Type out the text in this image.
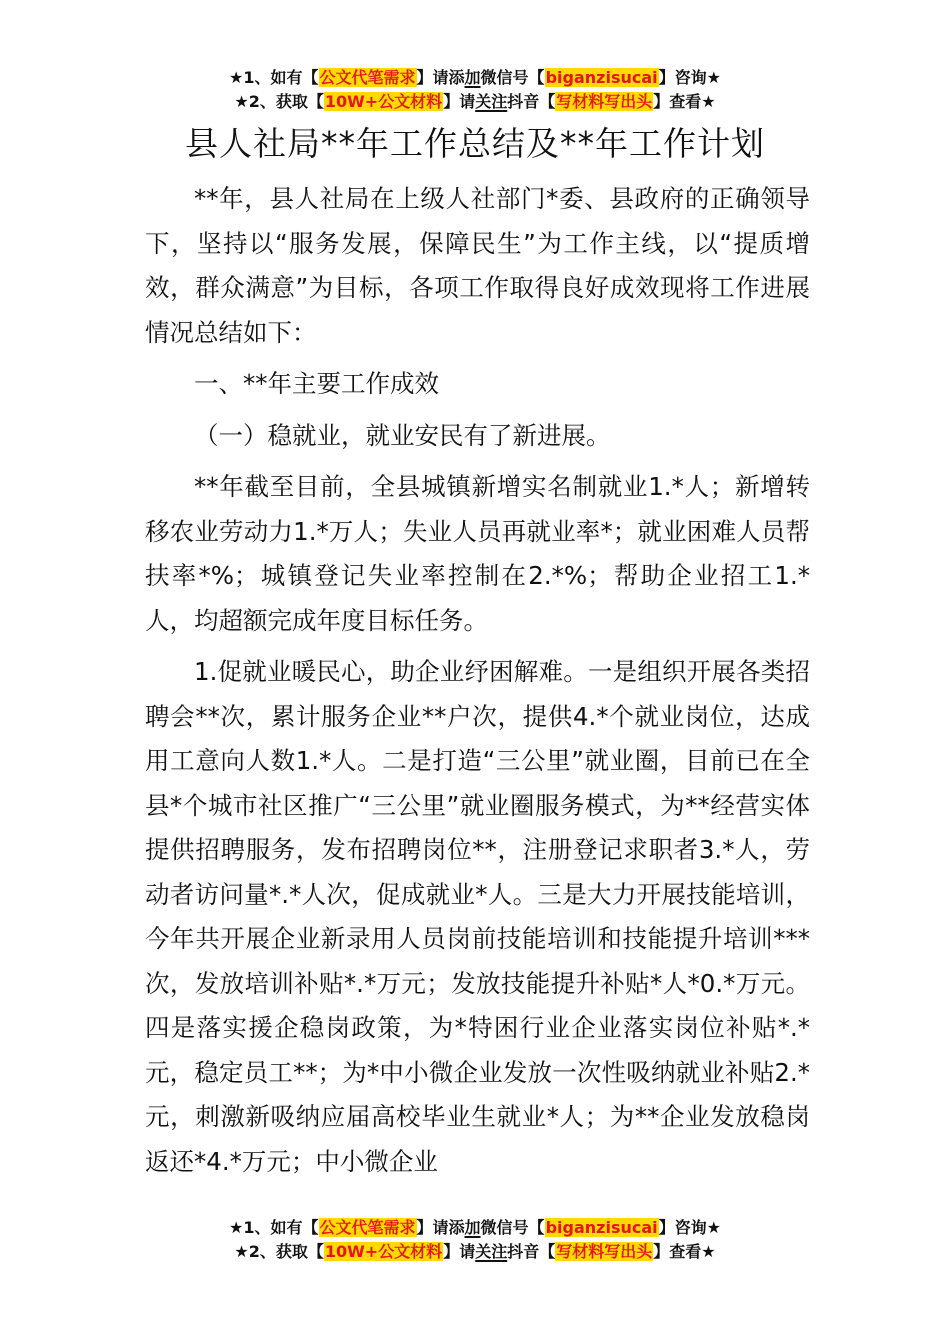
★1、如有【公文代笔需求】请添加微信号【biganzisucai】咨询★
★2、获取【10W+公文材料】请关注抖音【写材料写出头】查看★
县人社局**年工作总结及**年工作计划

**年，县人社局在上级人社部门*委、县政府的正确领导下，坚持以“服务发展，保障民生”为工作主线，以“提质增效，群众满意”为目标，各项工作取得良好成效现将工作进展情况总结如下：

一、**年主要工作成效

（一）稳就业，就业安民有了新进展。

**年截至目前，全县城镇新增实名制就业1.*人；新增转移农业劳动力1.*万人；失业人员再就业率*；就业困难人员帮扶率*%；城镇登记失业率控制在2.*%；帮助企业招工1.*人，均超额完成年度目标任务。

1.促就业暖民心，助企业纾困解难。一是组织开展各类招聘会**次，累计服务企业**户次，提供4.*个就业岗位，达成用工意向人数1.*人。二是打造“三公里”就业圈，目前已在全县*个城市社区推广“三公里”就业圈服务模式，为**经营实体提供招聘服务，发布招聘岗位**，注册登记求职者3.*人，劳动者访问量*.*人次，促成就业*人。三是大力开展技能培训，今年共开展企业新录用人员岗前技能培训和技能提升培训***次，发放培训补贴*.*万元；发放技能提升补贴*人*0.*万元。四是落实援企稳岗政策，为*特困行业企业落实岗位补贴*.*元，稳定员工**；为*中小微企业发放一次性吸纳就业补贴2.*元，刺激新吸纳应届高校毕业生就业*人；为**企业发放稳岗返还*4.*万元；中小微企业

★1、如有【公文代笔需求】请添加微信号【biganzisucai】咨询★
★2、获取【10W+公文材料】请关注抖音【写材料写出头】查看★
